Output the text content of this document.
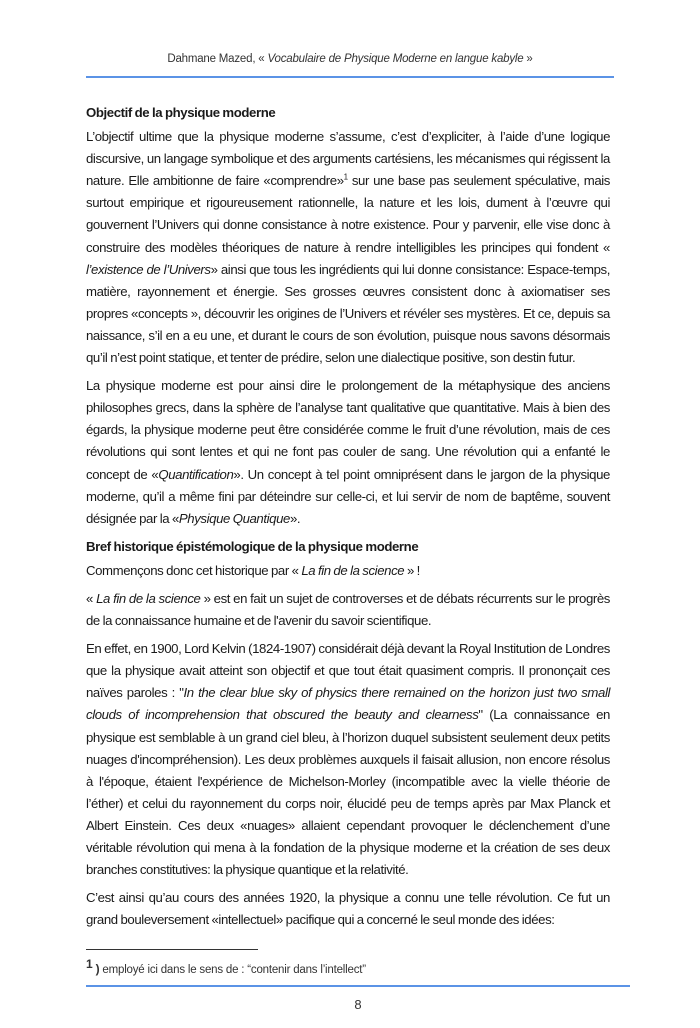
Dahmane Mazed, « Vocabulaire de Physique Moderne en langue kabyle »
Objectif de la physique moderne
L’objectif ultime que la physique moderne s’assume, c’est d’expliciter, à l’aide d’une logique discursive, un langage symbolique et des arguments cartésiens, les mécanismes qui régissent la nature. Elle ambitionne de faire «comprendre»$^1$ sur une base pas seulement spéculative, mais surtout empirique et rigoureusement rationnelle, la nature et les lois, dument à l’œuvre qui gouvernent l’Univers qui donne consistance à notre existence. Pour y parvenir, elle vise donc à construire des modèles théoriques de nature à rendre intelligibles les principes qui fondent « l’existence de l’Univers» ainsi que tous les ingrédients qui lui donne consistance: Espace-temps, matière, rayonnement et énergie. Ses grosses œuvres consistent donc à axiomatiser ses propres «concepts », découvrir les origines de l’Univers et révéler ses mystères. Et ce, depuis sa naissance, s’il en a eu une, et durant le cours de son évolution, puisque nous savons désormais qu’il n’est point statique, et tenter de prédire, selon une dialectique positive, son destin futur.
La physique moderne est pour ainsi dire le prolongement de la métaphysique des anciens philosophes grecs, dans la sphère de l’analyse tant qualitative que quantitative. Mais à bien des égards, la physique moderne peut être considérée comme le fruit d’une révolution, mais de ces révolutions qui sont lentes et qui ne font pas couler de sang. Une révolution qui a enfanté le concept de «Quantification». Un concept à tel point omniprésent dans le jargon de la physique moderne, qu’il a même fini par déteindre sur celle-ci, et lui servir de nom de baptême, souvent désignée par la «Physique Quantique».
Bref historique épistémologique de la physique moderne
Commençons donc cet historique par « La fin de la science » !
« La fin de la science » est en fait un sujet de controverses et de débats récurrents sur le progrès de la connaissance humaine et de l'avenir du savoir scientifique.
En effet, en 1900, Lord Kelvin (1824-1907) considérait déjà devant la Royal Institution de Londres que la physique avait atteint son objectif et que tout était quasiment compris. Il prononçait ces naïves paroles : "In the clear blue sky of physics there remained on the horizon just two small clouds of incomprehension that obscured the beauty and clearness" (La connaissance en physique est semblable à un grand ciel bleu, à l’horizon duquel subsistent seulement deux petits nuages d'incompréhension). Les deux problèmes auxquels il faisait allusion, non encore résolus à l'époque, étaient l'expérience de Michelson-Morley (incompatible avec la vielle théorie de l’éther) et celui du rayonnement du corps noir, élucidé peu de temps après par Max Planck et Albert Einstein. Ces deux «nuages» allaient cependant provoquer le déclenchement d’une véritable révolution qui mena à la fondation de la physique moderne et la création de ses deux branches constitutives: la physique quantique et la relativité.
C’est ainsi qu’au cours des années 1920, la physique a connu une telle révolution. Ce fut un grand bouleversement «intellectuel» pacifique qui a concerné le seul monde des idées:
$^1$ ) employé ici dans le sens de : “contenir dans l’intellect”
8
